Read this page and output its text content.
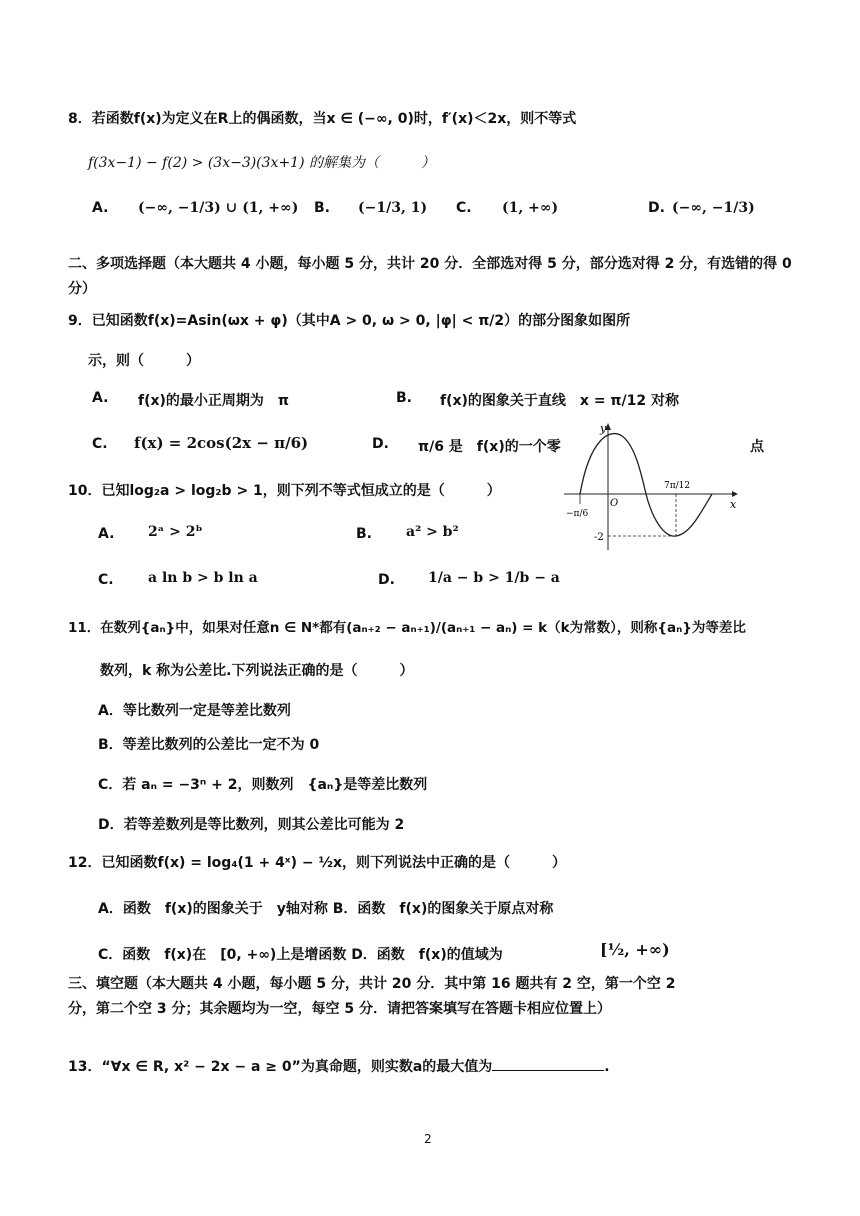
8．若函数f(x)为定义在R上的偶函数，当x ∈ (−∞, 0)时，f′(x)＜2x，则不等式
f(3x−1) − f(2) > (3x−3)(3x+1) 的解集为（　　　）
A. (−∞, −1/3) ∪ (1, +∞) B. (−1/3, 1) C. (1, +∞)	D. (−∞, −1/3)
二、多项选择题（本大题共 4 小题，每小题 5 分，共计 20 分．全部选对得 5 分，部分选对得 2 分，有选错的得 0 分）
9．已知函数f(x)=Asin(ωx + φ)（其中A > 0, ω > 0, |φ| < π/2）的部分图象如图所
示，则（　　　）
A. f(x)的最小正周期为　π	B. f(x)的图象关于直线　x = π/12 对称
C. f(x) = 2cos(2x − π/6)	D. π/6 是　f(x)的一个零	点
y
x
O
−π/6
7π/12
-2
10．已知log₂a > log₂b > 1，则下列不等式恒成立的是（　　　）
A. 2ᵃ > 2ᵇ	B. a² > b²
C. a ln b > b ln a	D. 1/a − b > 1/b − a
11．在数列{aₙ}中，如果对任意n ∈ N*都有(aₙ₊₂ − aₙ₊₁)/(aₙ₊₁ − aₙ) = k（k为常数），则称{aₙ}为等差比
数列，k 称为公差比.下列说法正确的是（　　　）
A．等比数列一定是等差比数列
B．等差比数列的公差比一定不为 0
C．若 aₙ = −3ⁿ + 2，则数列　{aₙ}是等差比数列
D．若等差数列是等比数列，则其公差比可能为 2
12．已知函数f(x) = log₄(1 + 4ˣ) − ½x，则下列说法中正确的是（　　　）
A．函数　f(x)的图象关于　y轴对称 B．函数　f(x)的图象关于原点对称
C．函数　f(x)在　[0, +∞)上是增函数 D．函数　f(x)的值域为	[½, +∞)
三、填空题（本大题共 4 小题，每小题 5 分，共计 20 分．其中第 16 题共有 2 空，第一个空 2 分，第二个空 3 分；其余题均为一空，每空 5 分．请把答案填写在答题卡相应位置上）
13．“∀x ∈ R, x² − 2x − a ≥ 0”为真命题，则实数a的最大值为	.
2
